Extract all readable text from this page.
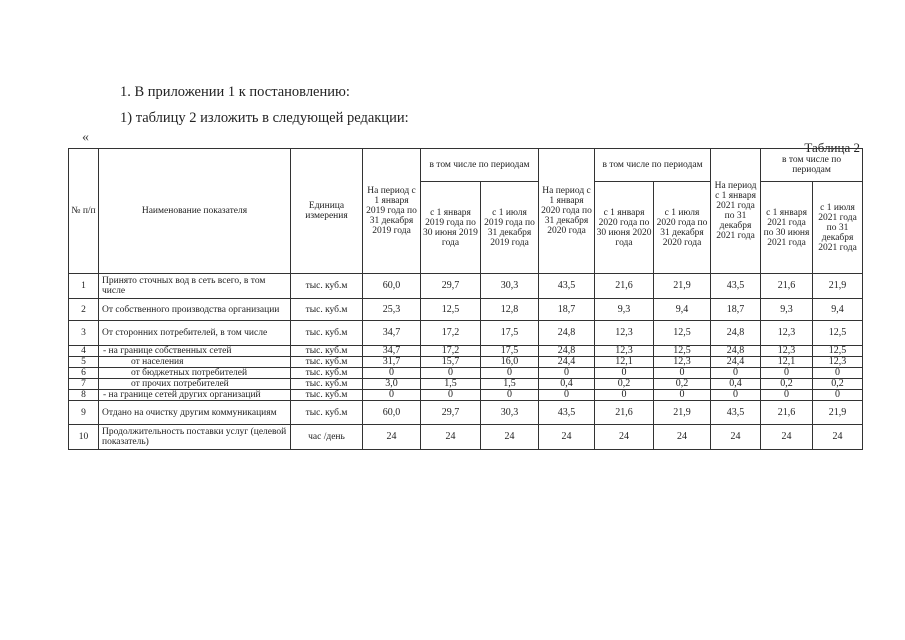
1. В приложении 1 к постановлению:
1) таблицу 2 изложить в следующей редакции:
«
Таблица 2
№ п/п	Наименование показателя	Единица измерения	На период с 1 января 2019 года по 31 декабря 2019 года	в том числе по периодам		На период с 1 января 2020 года по 31 декабря 2020 года	в том числе по периодам		На период с 1 января 2021 года по 31 декабря 2021 года	в том числе по периодам	
				с 1 января 2019 года по 30 июня 2019 года	с 1 июля 2019 года по 31 декабря 2019 года		с 1 января 2020 года по 30 июня 2020 года	с 1 июля 2020 года по 31 декабря 2020 года		с 1 января 2021 года по 30 июня 2021 года	с 1 июля 2021 года по 31 декабря 2021 года
1	Принято сточных вод в сеть всего, в том числе	тыс. куб.м	60,0	29,7	30,3	43,5	21,6	21,9	43,5	21,6	21,9
2	От собственного производства организации	тыс. куб.м	25,3	12,5	12,8	18,7	9,3	9,4	18,7	9,3	9,4
3	От сторонних потребителей, в том числе	тыс. куб.м	34,7	17,2	17,5	24,8	12,3	12,5	24,8	12,3	12,5
4	- на границе собственных сетей	тыс. куб.м	34,7	17,2	17,5	24,8	12,3	12,5	24,8	12,3	12,5
5	от населения	тыс. куб.м	31,7	15,7	16,0	24,4	12,1	12,3	24,4	12,1	12,3
6	от бюджетных потребителей	тыс. куб.м	0	0	0	0	0	0	0	0	0
7	от прочих потребителей	тыс. куб.м	3,0	1,5	1,5	0,4	0,2	0,2	0,4	0,2	0,2
8	- на границе сетей других организаций	тыс. куб.м	0	0	0	0	0	0	0	0	0
9	Отдано на очистку другим коммуникациям	тыс. куб.м	60,0	29,7	30,3	43,5	21,6	21,9	43,5	21,6	21,9
10	Продолжительность поставки услуг (целевой показатель)	час /день	24	24	24	24	24	24	24	24	24
